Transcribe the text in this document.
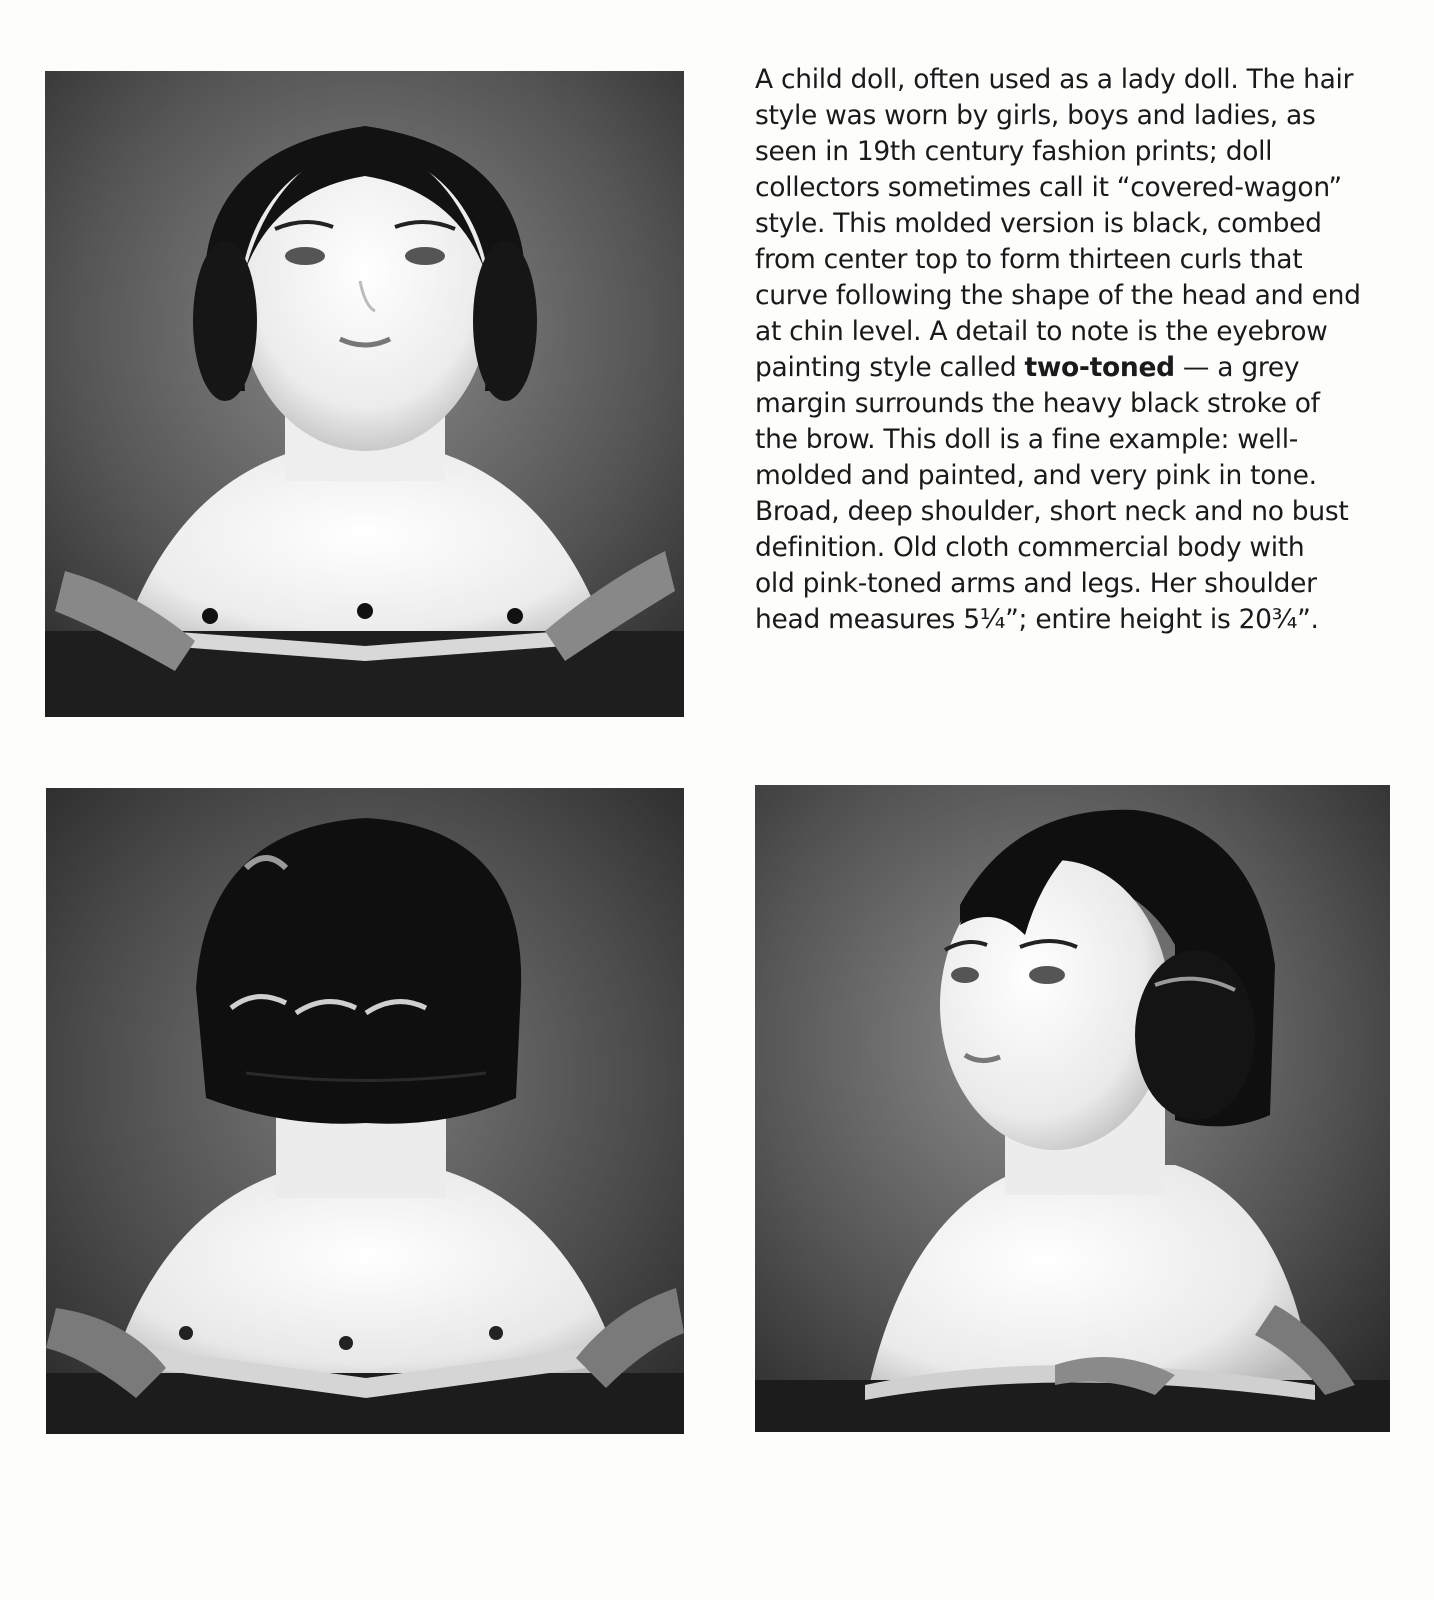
A child doll, often used as a lady doll. The hair
style was worn by girls, boys and ladies, as
seen in 19th century fashion prints; doll
collectors sometimes call it “covered-wagon”
style. This molded version is black, combed
from center top to form thirteen curls that
curve following the shape of the head and end
at chin level. A detail to note is the eyebrow
painting style called two-toned — a grey
margin surrounds the heavy black stroke of
the brow. This doll is a fine example: well-
molded and painted, and very pink in tone.
Broad, deep shoulder, short neck and no bust
definition. Old cloth commercial body with
old pink-toned arms and legs. Her shoulder
head measures 5¼”; entire height is 20¾”.
